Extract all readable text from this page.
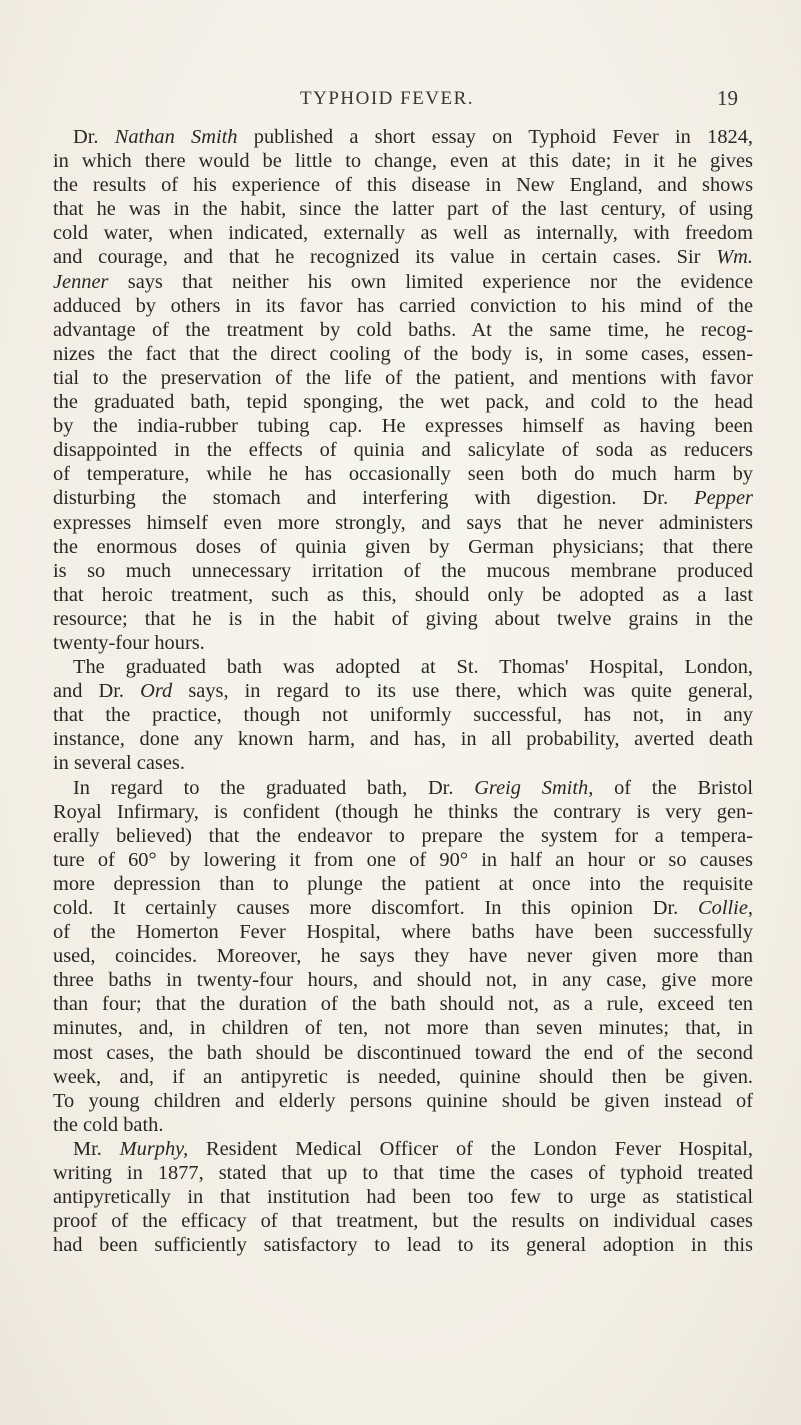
TYPHOID FEVER.	19
Dr. Nathan Smith published a short essay on Typhoid Fever in 1824,
in which there would be little to change, even at this date; in it he gives
the results of his experience of this disease in New England, and shows
that he was in the habit, since the latter part of the last century, of using
cold water, when indicated, externally as well as internally, with freedom
and courage, and that he recognized its value in certain cases. Sir Wm.
Jenner says that neither his own limited experience nor the evidence
adduced by others in its favor has carried conviction to his mind of the
advantage of the treatment by cold baths. At the same time, he recog-
nizes the fact that the direct cooling of the body is, in some cases, essen-
tial to the preservation of the life of the patient, and mentions with favor
the graduated bath, tepid sponging, the wet pack, and cold to the head
by the india-rubber tubing cap. He expresses himself as having been
disappointed in the effects of quinia and salicylate of soda as reducers
of temperature, while he has occasionally seen both do much harm by
disturbing the stomach and interfering with digestion. Dr. Pepper
expresses himself even more strongly, and says that he never administers
the enormous doses of quinia given by German physicians; that there
is so much unnecessary irritation of the mucous membrane produced
that heroic treatment, such as this, should only be adopted as a last
resource; that he is in the habit of giving about twelve grains in the
twenty-four hours.
The graduated bath was adopted at St. Thomas' Hospital, London,
and Dr. Ord says, in regard to its use there, which was quite general,
that the practice, though not uniformly successful, has not, in any
instance, done any known harm, and has, in all probability, averted death
in several cases.
In regard to the graduated bath, Dr. Greig Smith, of the Bristol
Royal Infirmary, is confident (though he thinks the contrary is very gen-
erally believed) that the endeavor to prepare the system for a tempera-
ture of 60° by lowering it from one of 90° in half an hour or so causes
more depression than to plunge the patient at once into the requisite
cold. It certainly causes more discomfort. In this opinion Dr. Collie,
of the Homerton Fever Hospital, where baths have been successfully
used, coincides. Moreover, he says they have never given more than
three baths in twenty-four hours, and should not, in any case, give more
than four; that the duration of the bath should not, as a rule, exceed ten
minutes, and, in children of ten, not more than seven minutes; that, in
most cases, the bath should be discontinued toward the end of the second
week, and, if an antipyretic is needed, quinine should then be given.
To young children and elderly persons quinine should be given instead of
the cold bath.
Mr. Murphy, Resident Medical Officer of the London Fever Hospital,
writing in 1877, stated that up to that time the cases of typhoid treated
antipyretically in that institution had been too few to urge as statistical
proof of the efficacy of that treatment, but the results on individual cases
had been sufficiently satisfactory to lead to its general adoption in this
